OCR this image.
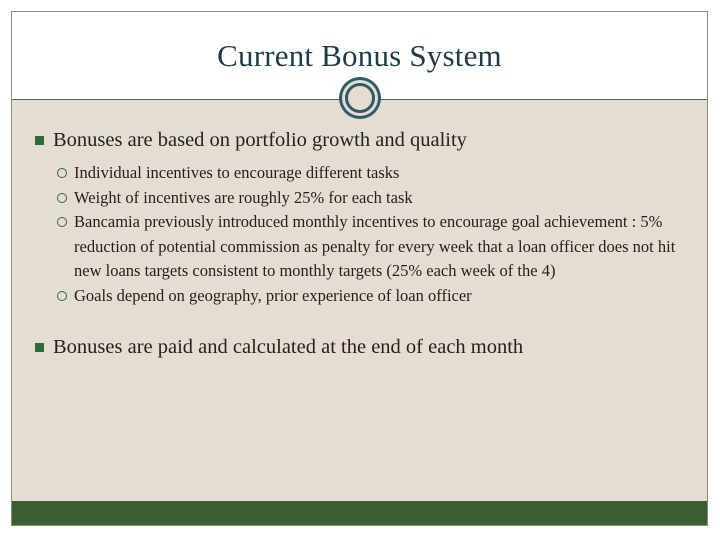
Current Bonus System
Bonuses are based on portfolio growth and quality
Individual incentives to encourage different tasks
Weight of incentives are roughly 25% for each task
Bancamia previously introduced monthly incentives to encourage goal achievement : 5% reduction of potential commission as penalty for every week that a loan officer does not hit new loans targets consistent to monthly targets (25% each week of the 4)
Goals depend on geography, prior experience of loan officer
Bonuses are paid and calculated at the end of each month
